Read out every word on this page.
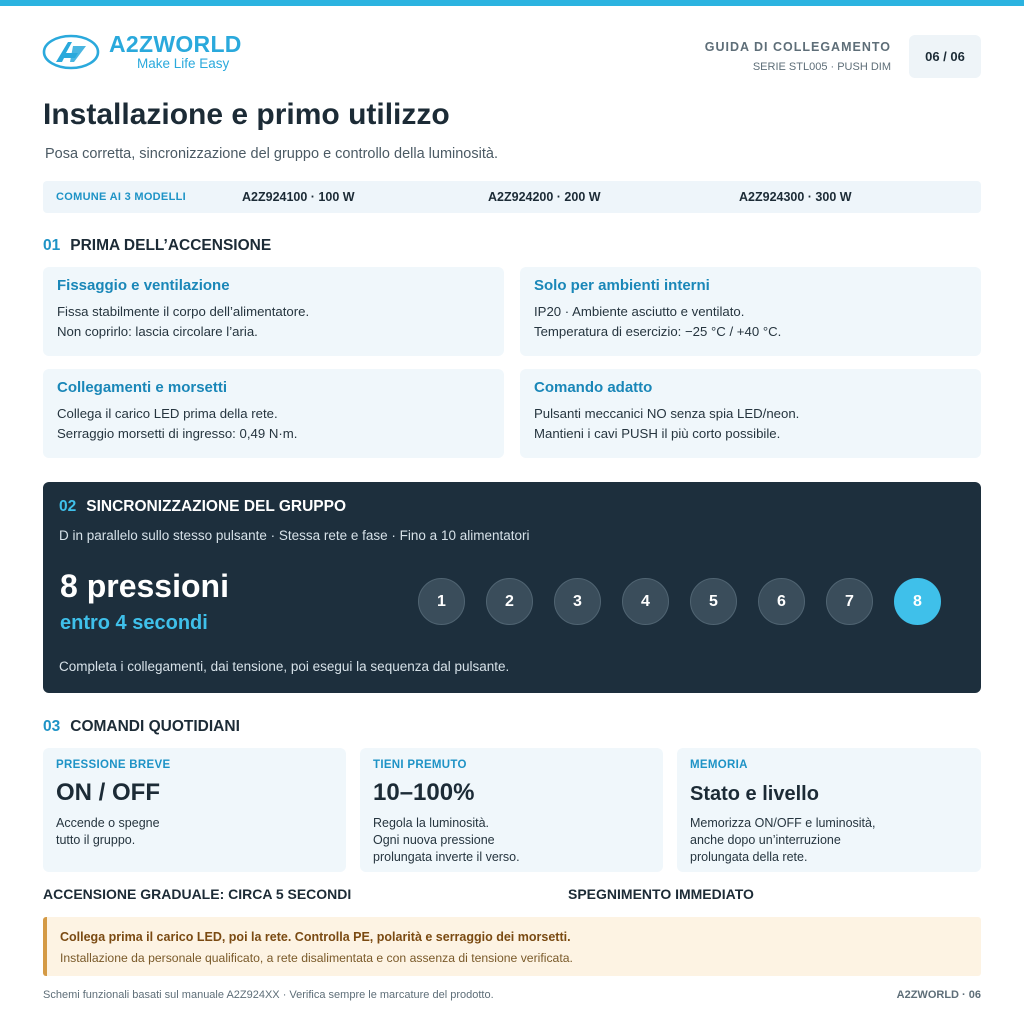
A2ZWORLD
Make Life Easy
GUIDA DI COLLEGAMENTO
SERIE STL005 · PUSH DIM
06 / 06
Installazione e primo utilizzo
Posa corretta, sincronizzazione del gruppo e controllo della luminosità.
COMUNE AI 3 MODELLI	A2Z924100 · 100 W	A2Z924200 · 200 W	A2Z924300 · 300 W
01 PRIMA DELL’ACCENSIONE
Fissaggio e ventilazione
Fissa stabilmente il corpo dell’alimentatore.
Non coprirlo: lascia circolare l’aria.
Solo per ambienti interni
IP20 · Ambiente asciutto e ventilato.
Temperatura di esercizio: −25 °C / +40 °C.
Collegamenti e morsetti
Collega il carico LED prima della rete.
Serraggio morsetti di ingresso: 0,49 N·m.
Comando adatto
Pulsanti meccanici NO senza spia LED/neon.
Mantieni i cavi PUSH il più corto possibile.
02 SINCRONIZZAZIONE DEL GRUPPO
D in parallelo sullo stesso pulsante · Stessa rete e fase · Fino a 10 alimentatori
8 pressioni
entro 4 secondi
1	2	3	4	5	6	7	8
Completa i collegamenti, dai tensione, poi esegui la sequenza dal pulsante.
03 COMANDI QUOTIDIANI
PRESSIONE BREVE
ON / OFF
Accende o spegne
tutto il gruppo.
TIENI PREMUTO
10–100%
Regola la luminosità.
Ogni nuova pressione
prolungata inverte il verso.
MEMORIA
Stato e livello
Memorizza ON/OFF e luminosità,
anche dopo un’interruzione
prolungata della rete.
ACCENSIONE GRADUALE: CIRCA 5 SECONDI	SPEGNIMENTO IMMEDIATO
Collega prima il carico LED, poi la rete. Controlla PE, polarità e serraggio dei morsetti.
Installazione da personale qualificato, a rete disalimentata e con assenza di tensione verificata.
Schemi funzionali basati sul manuale A2Z924XX · Verifica sempre le marcature del prodotto.	A2ZWORLD · 06
